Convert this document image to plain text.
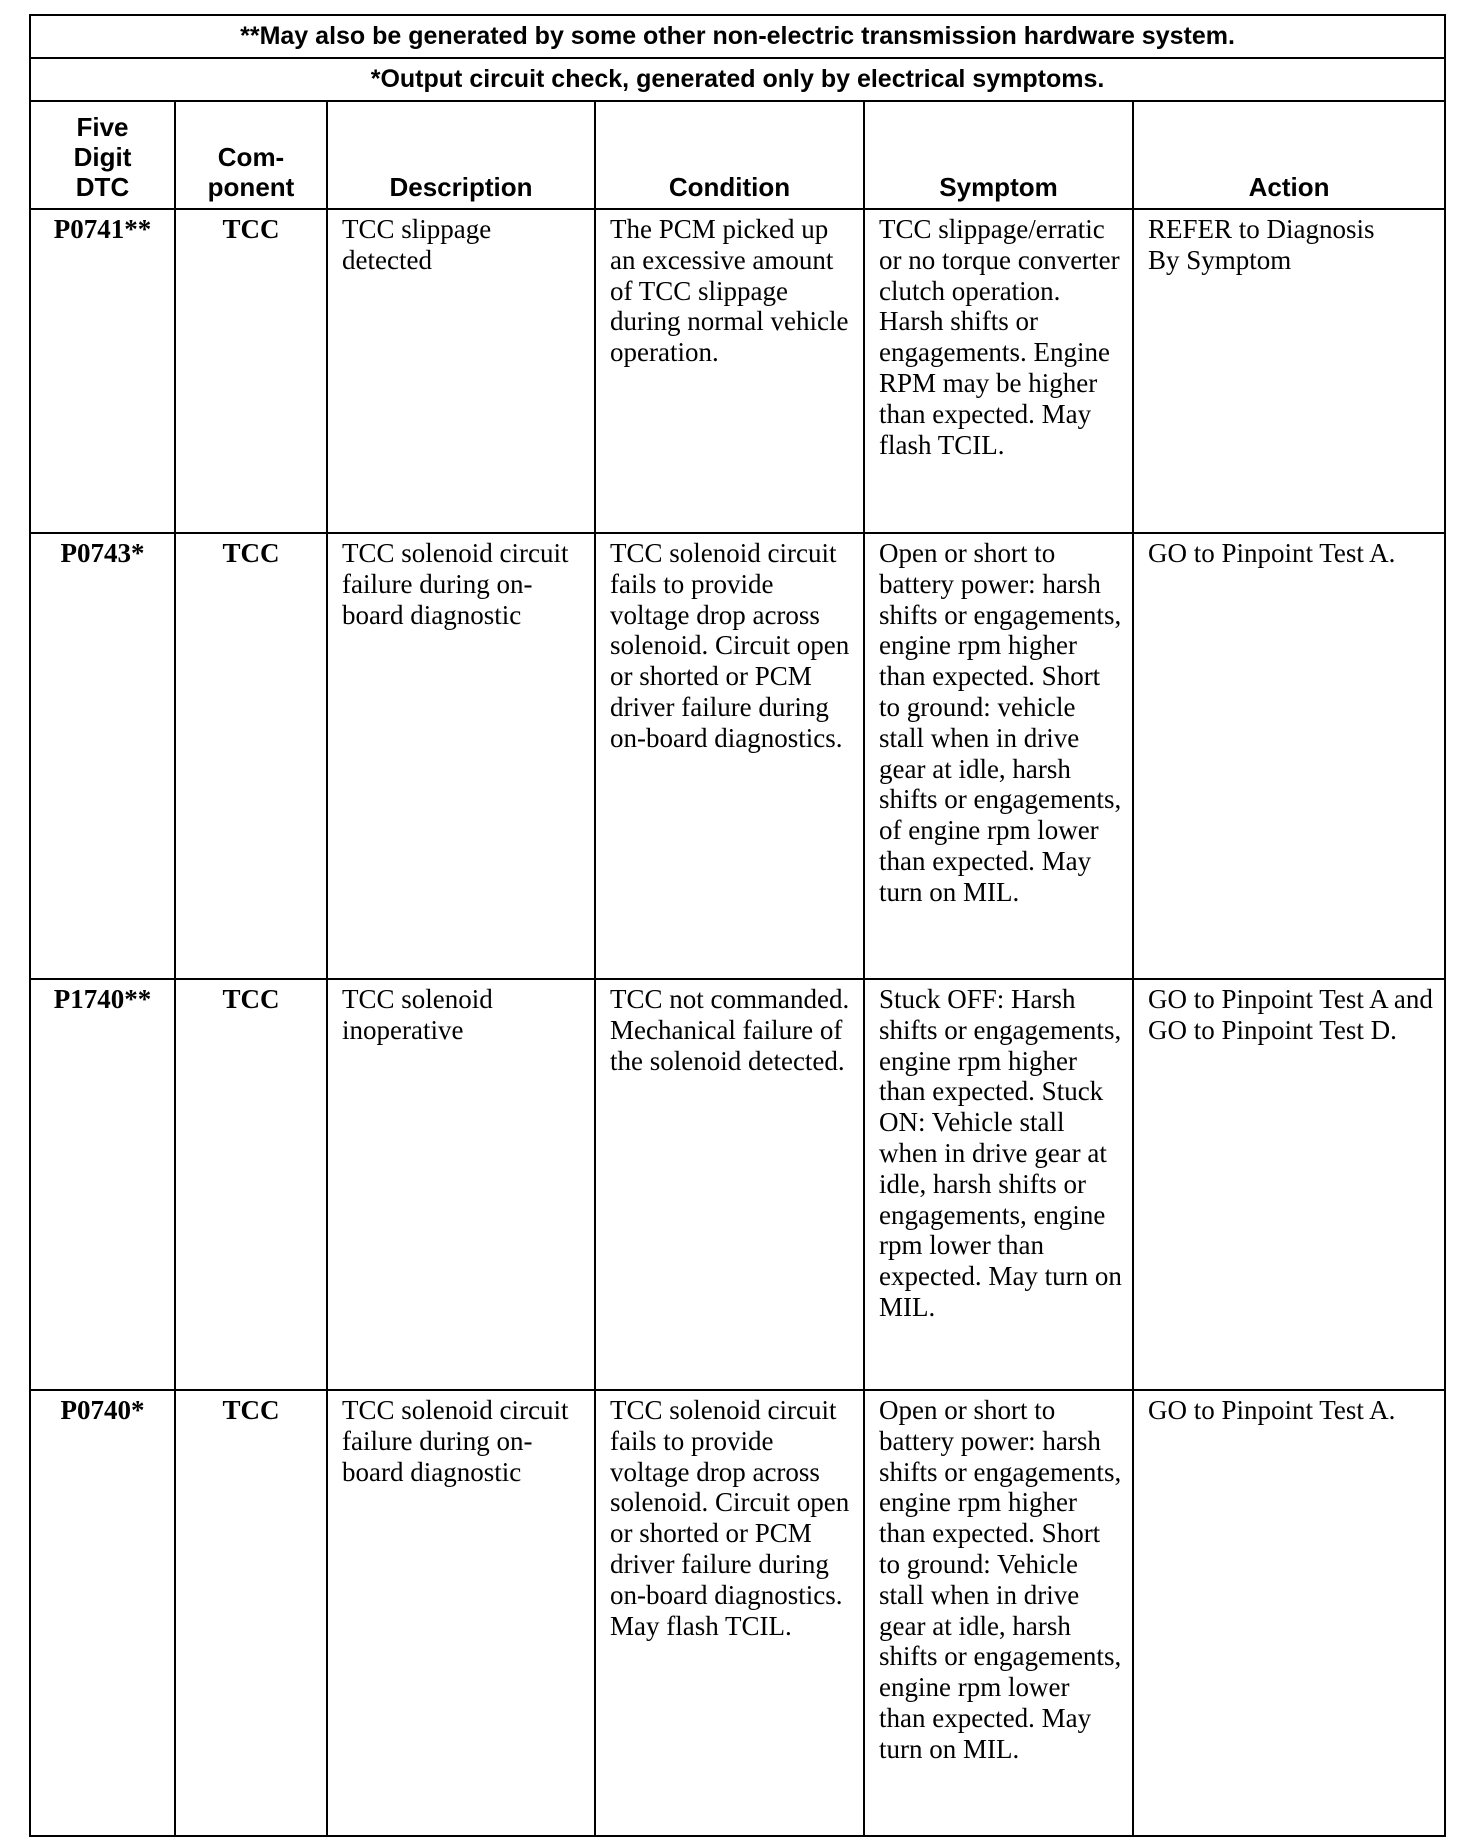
**May also be generated by some other non-electric transmission hardware system.					
*Output circuit check, generated only by electrical symptoms.					

Five Digit DTC	Com- ponent	Description	Condition	Symptom	Action
P0741**	TCC	TCC slippage detected	The PCM picked up an excessive amount of TCC slippage during normal vehicle operation.	TCC slippage/erratic or no torque converter clutch operation. Harsh shifts or engagements. Engine RPM may be higher than expected. May flash TCIL.	REFER to Diagnosis By Symptom

P0743*	TCC	TCC solenoid circuit failure during on-board diagnostic	TCC solenoid circuit fails to provide voltage drop across solenoid. Circuit open or shorted or PCM driver failure during on-board diagnostics.	Open or short to battery power: harsh shifts or engagements, engine rpm higher than expected. Short to ground: vehicle stall when in drive gear at idle, harsh shifts or engagements, of engine rpm lower than expected. May turn on MIL.	GO to Pinpoint Test A.
P1740**	TCC	TCC solenoid inoperative	TCC not commanded. Mechanical failure of the solenoid detected.	Stuck OFF: Harsh shifts or engagements, engine rpm higher than expected. Stuck ON: Vehicle stall when in drive gear at idle, harsh shifts or engagements, engine rpm lower than expected. May turn on MIL.	GO to Pinpoint Test A and GO to Pinpoint Test D.
P0740*	TCC	TCC solenoid circuit failure during on-board diagnostic	TCC solenoid circuit fails to provide voltage drop across solenoid. Circuit open or shorted or PCM driver failure during on-board diagnostics. May flash TCIL.	Open or short to battery power: harsh shifts or engagements, engine rpm higher than expected. Short to ground: Vehicle stall when in drive gear at idle, harsh shifts or engagements, engine rpm lower than expected. May turn on MIL.	GO to Pinpoint Test A.
